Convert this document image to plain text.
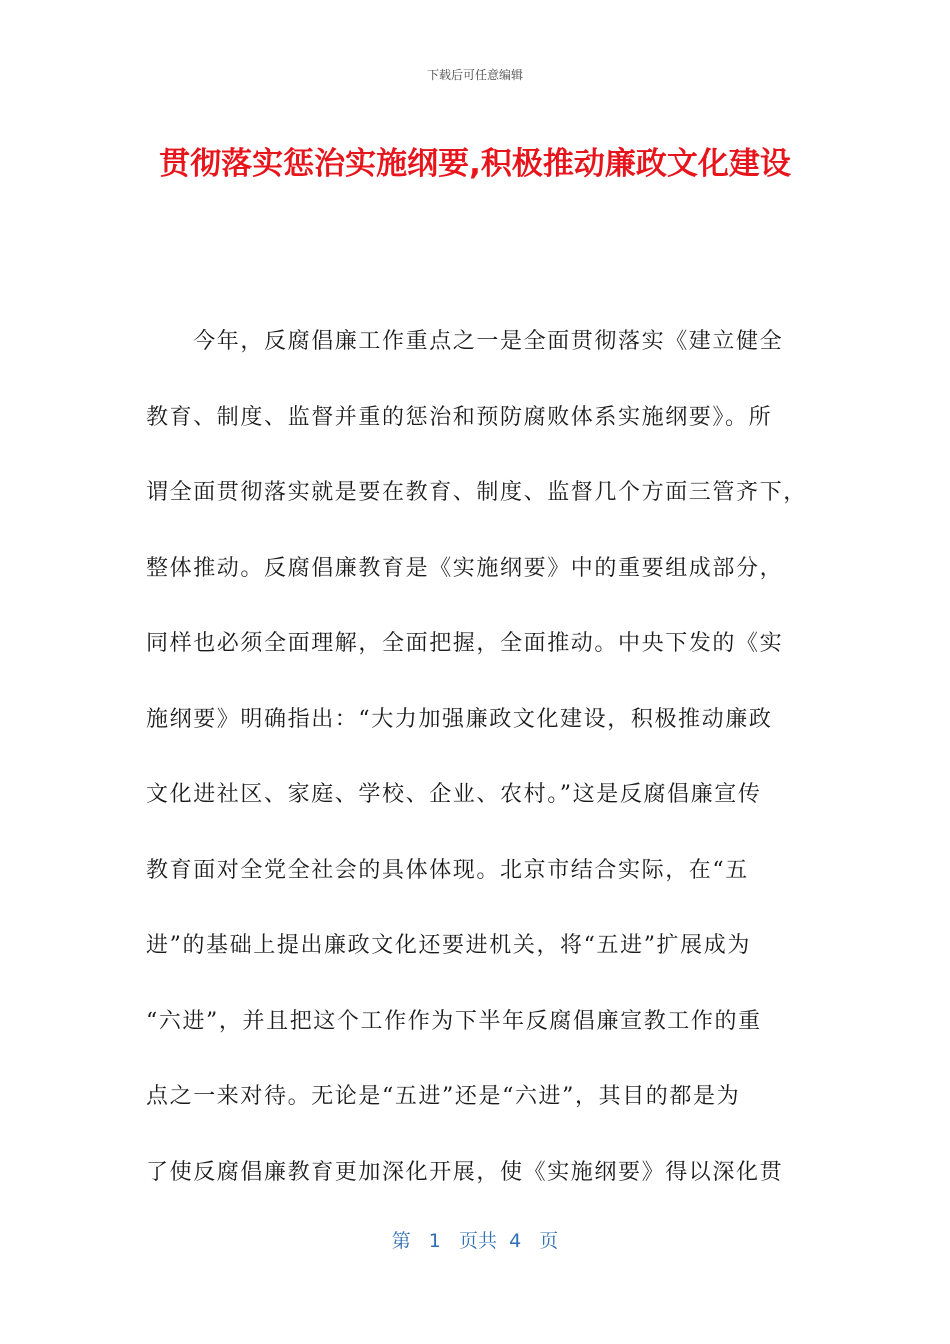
下载后可任意编辑
贯彻落实惩治实施纲要,积极推动廉政文化建设
　　今年，反腐倡廉工作重点之一是全面贯彻落实《建立健全
教育、制度、监督并重的惩治和预防腐败体系实施纲要》。所
谓全面贯彻落实就是要在教育、制度、监督几个方面三管齐下，
整体推动。反腐倡廉教育是《实施纲要》中的重要组成部分，
同样也必须全面理解，全面把握，全面推动。中央下发的《实
施纲要》明确指出：“大力加强廉政文化建设，积极推动廉政
文化进社区、家庭、学校、企业、农村。”这是反腐倡廉宣传
教育面对全党全社会的具体体现。北京市结合实际，在“五
进”的基础上提出廉政文化还要进机关，将“五进”扩展成为
“六进”，并且把这个工作作为下半年反腐倡廉宣教工作的重
点之一来对待。无论是“五进”还是“六进”，其目的都是为
了使反腐倡廉教育更加深化开展，使《实施纲要》得以深化贯
第   1   页共  4   页
